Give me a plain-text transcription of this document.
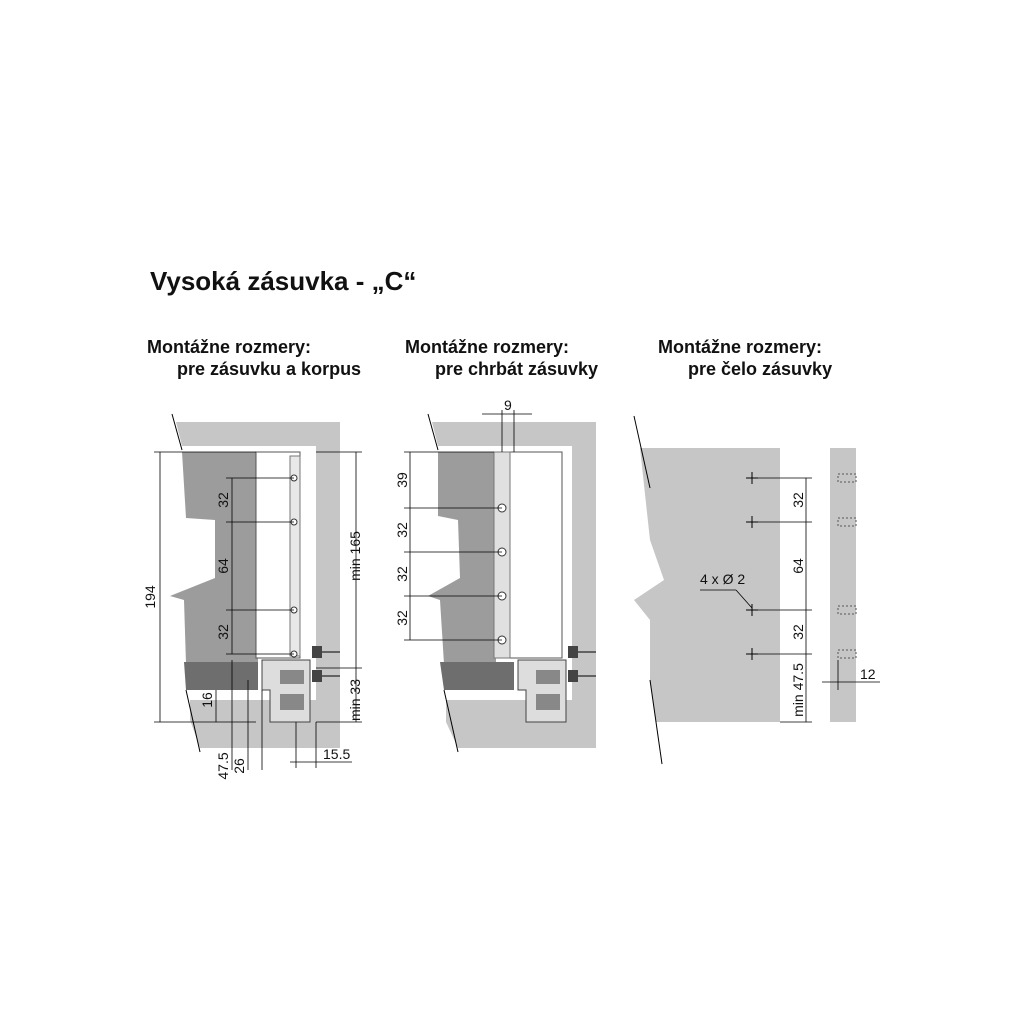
Vysoká zásuvka - „C“
Montážne rozmery:
pre zásuvku a korpus
Montážne rozmery:
pre chrbát zásuvky
Montážne rozmery:
pre čelo zásuvky
194
32
64
32
16
47.5 26
15.5
min 165
min 33
9
39
32
32
32
4 x Ø 2
32
64
32
min 47.5	12
